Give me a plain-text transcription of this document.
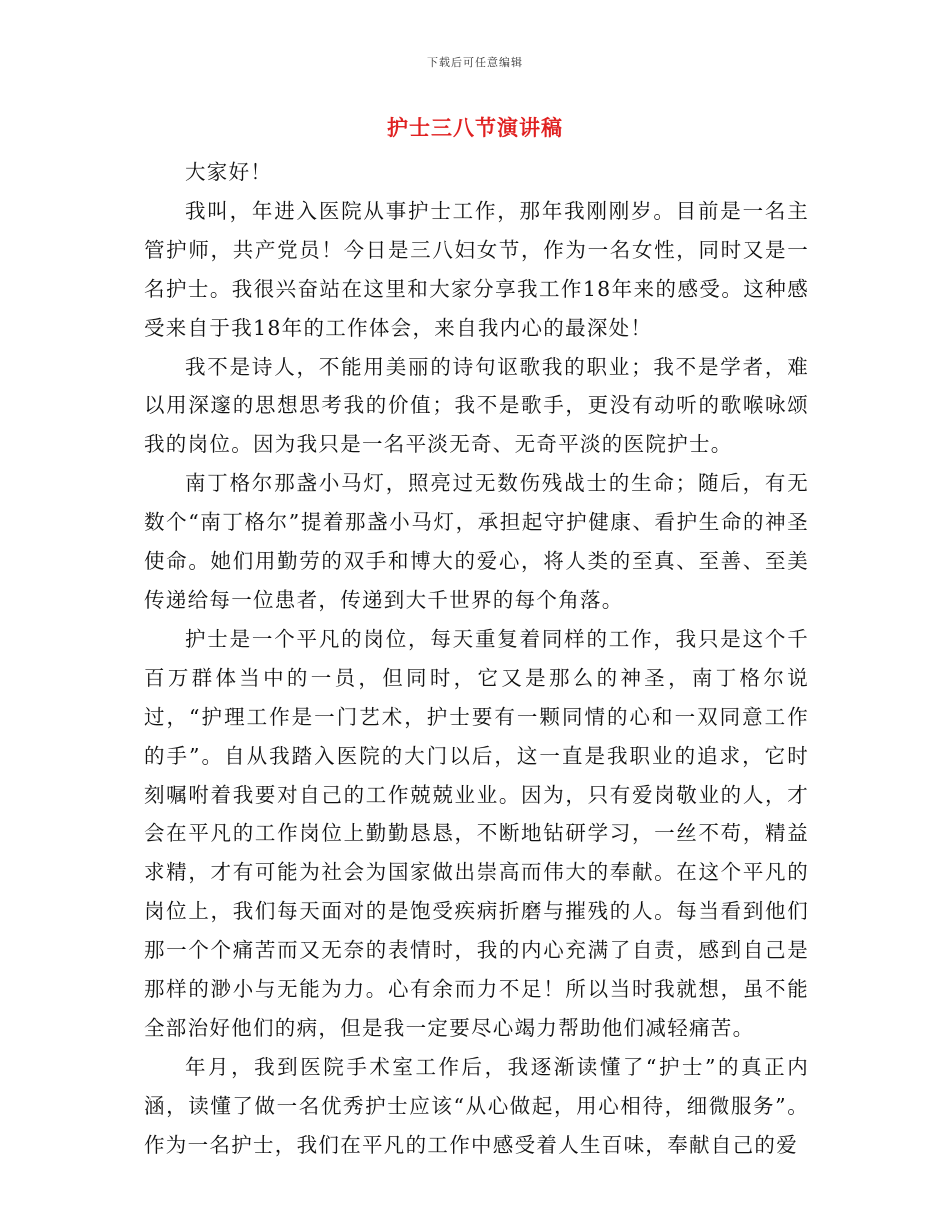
下载后可任意编辑
护士三八节演讲稿

大家好！

我叫，年进入医院从事护士工作，那年我刚刚岁。目前是一名主管护师，共产党员！今日是三八妇女节，作为一名女性，同时又是一名护士。我很兴奋站在这里和大家分享我工作18年来的感受。这种感受来自于我18年的工作体会，来自我内心的最深处！

我不是诗人，不能用美丽的诗句讴歌我的职业；我不是学者，难以用深邃的思想思考我的价值；我不是歌手，更没有动听的歌喉咏颂我的岗位。因为我只是一名平淡无奇、无奇平淡的医院护士。

南丁格尔那盏小马灯，照亮过无数伤残战士的生命；随后，有无数个“南丁格尔”提着那盏小马灯，承担起守护健康、看护生命的神圣使命。她们用勤劳的双手和博大的爱心，将人类的至真、至善、至美传递给每一位患者，传递到大千世界的每个角落。

护士是一个平凡的岗位，每天重复着同样的工作，我只是这个千百万群体当中的一员，但同时，它又是那么的神圣，南丁格尔说过，“护理工作是一门艺术，护士要有一颗同情的心和一双同意工作的手”。自从我踏入医院的大门以后，这一直是我职业的追求，它时刻嘱咐着我要对自己的工作兢兢业业。因为，只有爱岗敬业的人，才会在平凡的工作岗位上勤勤恳恳，不断地钻研学习，一丝不苟，精益求精，才有可能为社会为国家做出崇高而伟大的奉献。在这个平凡的岗位上，我们每天面对的是饱受疾病折磨与摧残的人。每当看到他们那一个个痛苦而又无奈的表情时，我的内心充满了自责，感到自己是那样的渺小与无能为力。心有余而力不足！所以当时我就想，虽不能全部治好他们的病，但是我一定要尽心竭力帮助他们减轻痛苦。

年月，我到医院手术室工作后，我逐渐读懂了“护士”的真正内涵，读懂了做一名优秀护士应该“从心做起，用心相待，细微服务”。作为一名护士，我们在平凡的工作中感受着人生百味，奉献自己的爱
